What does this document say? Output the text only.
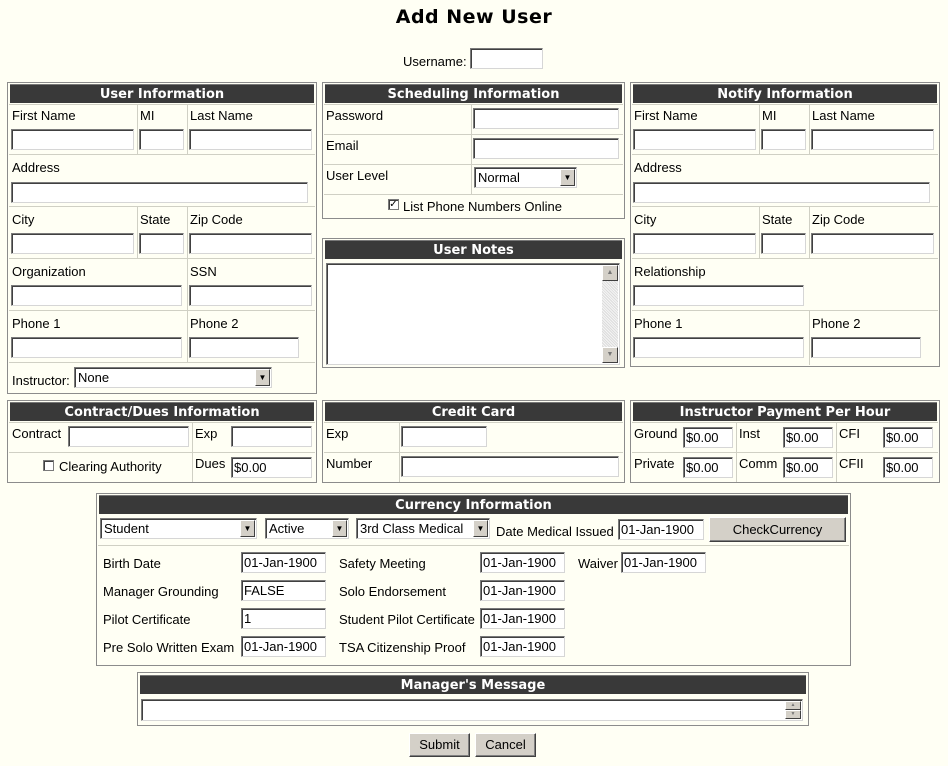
Add New User
Username:
User Information
First Name	MI	Last Name
Address
City	State Zip Code
Organization	SSN
Phone 1	Phone 2
Instructor: None	▼
Scheduling Information
Password
Email
User Level	Normal	▼
✓ List Phone Numbers Online
User Notes
▲
▼
Notify Information
First Name	MI	Last Name
Address
City	State Zip Code
Relationship
Phone 1	Phone 2
Contract/Dues Information
Contract	Exp
Clearing Authority	Dues $0.00
Credit Card
Exp
Number
Instructor Payment Per Hour
Ground $0.00	Inst $0.00	CFI $0.00
Private $0.00	Comm $0.00	CFII $0.00
Currency Information
Student	▼	Active	▼	3rd Class Medical	▼ Date Medical Issued 01-Jan-1900	CheckCurrency
Birth Date	01-Jan-1900	Safety Meeting	01-Jan-1900	Waiver 01-Jan-1900
Manager Grounding FALSE	Solo Endorsement	01-Jan-1900
Pilot Certificate	1	Student Pilot Certificate 01-Jan-1900
Pre Solo Written Exam 01-Jan-1900	TSA Citizenship Proof 01-Jan-1900
Manager's Message
▲
▼
Submit	Cancel
